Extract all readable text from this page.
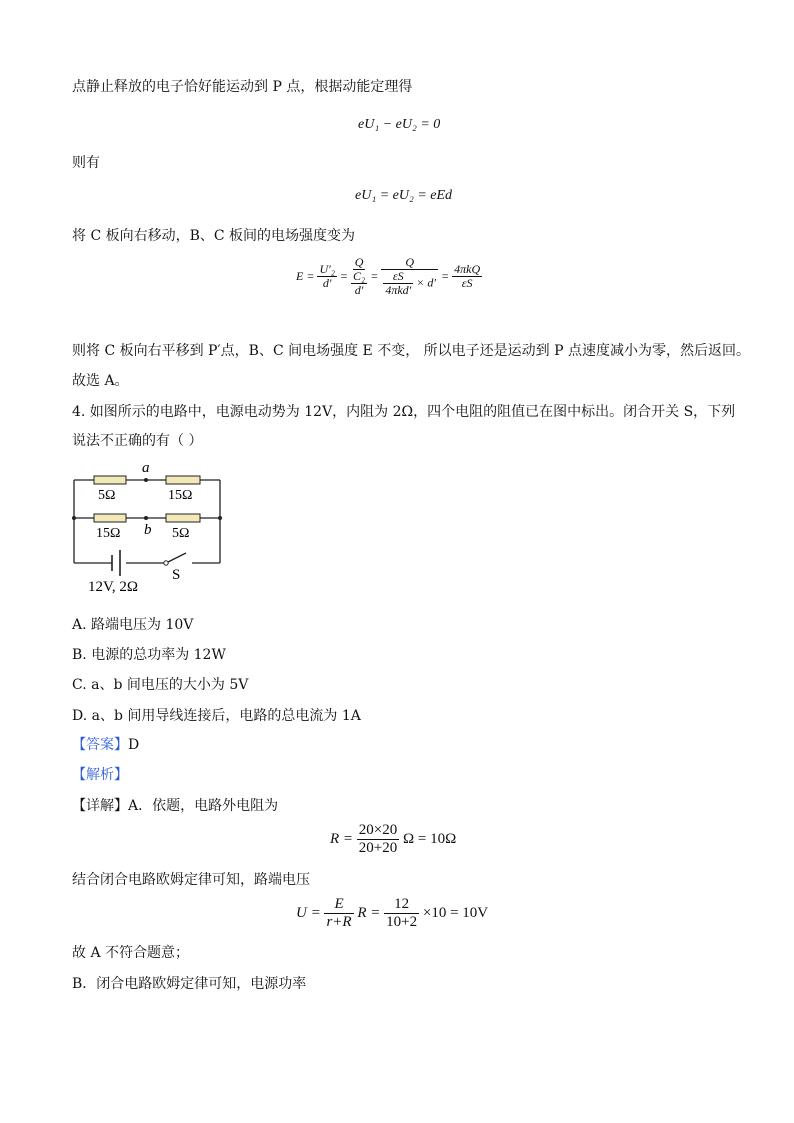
点静止释放的电子恰好能运动到 P 点，根据动能定理得
eU₁ − eU₂ = 0
则有
eU₁ = eU₂ = eEd
将 C 板向右移动，B、C 板间的电场强度变为
$E = \frac{\text{U′₂}}{d'} = Q$
C₂
$d' = \frac{Q}{\frac{\varepsilon S}{\text{4πkd′}} \times d'} = \frac{\text{4πkQ}}{\varepsilon S}$
则将 C 板向右平移到 P′点，B、C 间电场强度 E 不变， 所以电子还是运动到 P 点速度减小为零，然后返回。
故选 A。
4. 如图所示的电路中，电源电动势为 12V，内阻为 2Ω，四个电阻的阻值已在图中标出。闭合开关 S，下列
说法不正确的有（ ）
5Ω	15Ω
15Ω	5Ω
a
b
12V, 2Ω
S
A. 路端电压为 10V
B. 电源的总功率为 12W
C. a、b 间电压的大小为 5V
D. a、b 间用导线连接后，电路的总电流为 1A
【答案】D
【解析】
【详解】A．依题，电路外电阻为
$R = \frac{20\times 20}{20+20}$ Ω = 10Ω
结合闭合电路欧姆定律可知，路端电压
$U = \frac{E}{r+R}$ $R = \frac{12}{10+2} \times 10 = 10V$
故 A 不符合题意；
B．闭合电路欧姆定律可知，电源功率
